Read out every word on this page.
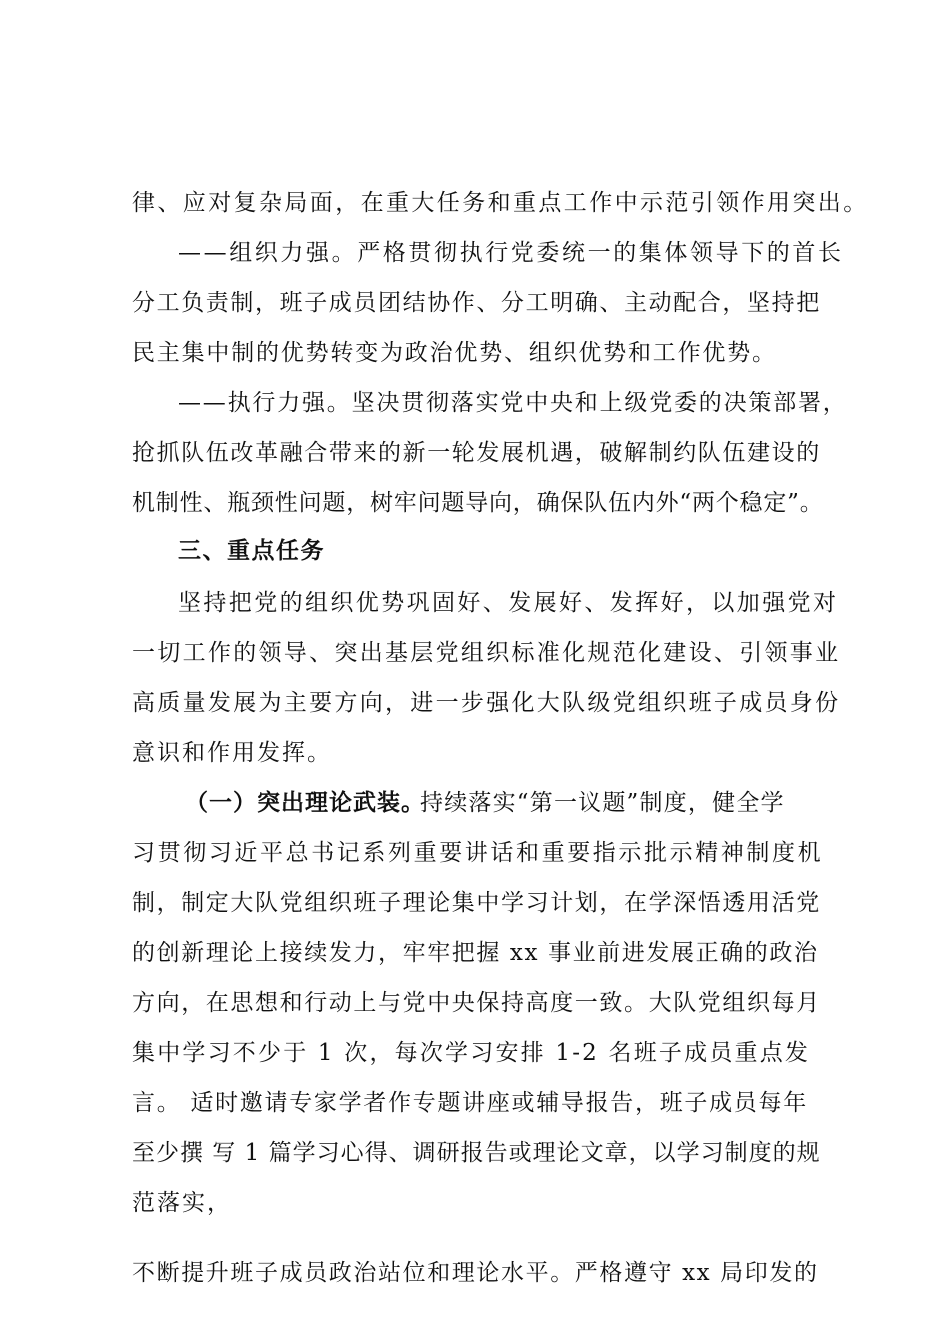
律、应对复杂局面，在重大任务和重点工作中示范引领作用突出。
——组织力强。严格贯彻执行党委统一的集体领导下的首长
分工负责制，班子成员团结协作、分工明确、主动配合，坚持把
民主集中制的优势转变为政治优势、组织优势和工作优势。
——执行力强。坚决贯彻落实党中央和上级党委的决策部署，
抢抓队伍改革融合带来的新一轮发展机遇，破解制约队伍建设的
机制性、瓶颈性问题，树牢问题导向，确保队伍内外“两个稳定”。
三、重点任务
坚持把党的组织优势巩固好、发展好、发挥好，以加强党对
一切工作的领导、突出基层党组织标准化规范化建设、引领事业
高质量发展为主要方向，进一步强化大队级党组织班子成员身份
意识和作用发挥。
（一）突出理论武装。
持续落实“第一议题”制度，健全学
习贯彻习近平总书记系列重要讲话和重要指示批示精神制度机
制，制定大队党组织班子理论集中学习计划，在学深悟透用活党
的创新理论上接续发力，牢牢把握 xx 事业前进发展正确的政治
方向，在思想和行动上与党中央保持高度一致。大队党组织每月
集中学习不少于 1 次，每次学习安排 1-2 名班子成员重点发
言。 适时邀请专家学者作专题讲座或辅导报告，班子成员每年
至少撰 写 1 篇学习心得、调研报告或理论文章，以学习制度的规
范落实，
不断提升班子成员政治站位和理论水平。严格遵守 xx 局印发的
